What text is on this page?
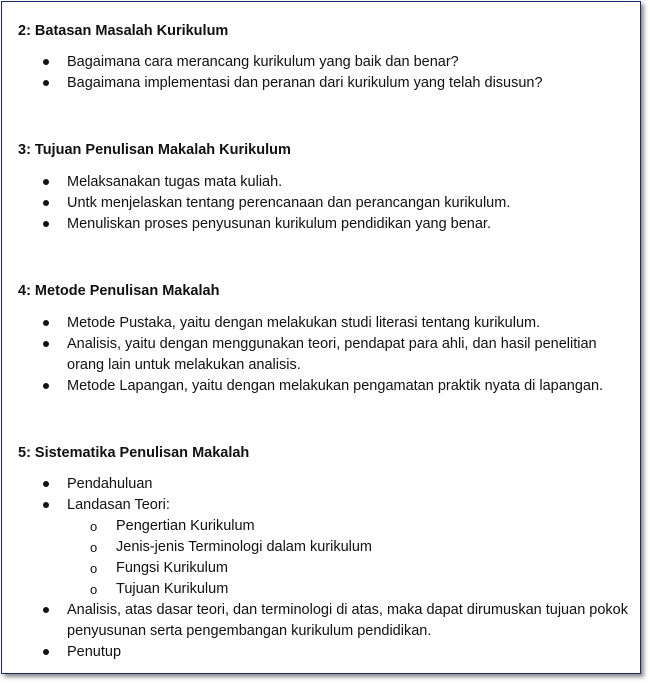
2: Batasan Masalah Kurikulum
Bagaimana cara merancang kurikulum yang baik dan benar?
Bagaimana implementasi dan peranan dari kurikulum yang telah disusun?
3: Tujuan Penulisan Makalah Kurikulum
Melaksanakan tugas mata kuliah.
Untk menjelaskan tentang perencanaan dan perancangan kurikulum.
Menuliskan proses penyusunan kurikulum pendidikan yang benar.
4: Metode Penulisan Makalah
Metode Pustaka, yaitu dengan melakukan studi literasi tentang kurikulum.
Analisis, yaitu dengan menggunakan teori, pendapat para ahli, dan hasil penelitian orang lain untuk melakukan analisis.
Metode Lapangan, yaitu dengan melakukan pengamatan praktik nyata di lapangan.
5: Sistematika Penulisan Makalah
Pendahuluan
Landasan Teori:
o Pengertian Kurikulum
o Jenis-jenis Terminologi dalam kurikulum
o Fungsi Kurikulum
o Tujuan Kurikulum
Analisis, atas dasar teori, dan terminologi di atas, maka dapat dirumuskan tujuan pokok penyusunan serta pengembangan kurikulum pendidikan.
Penutup
